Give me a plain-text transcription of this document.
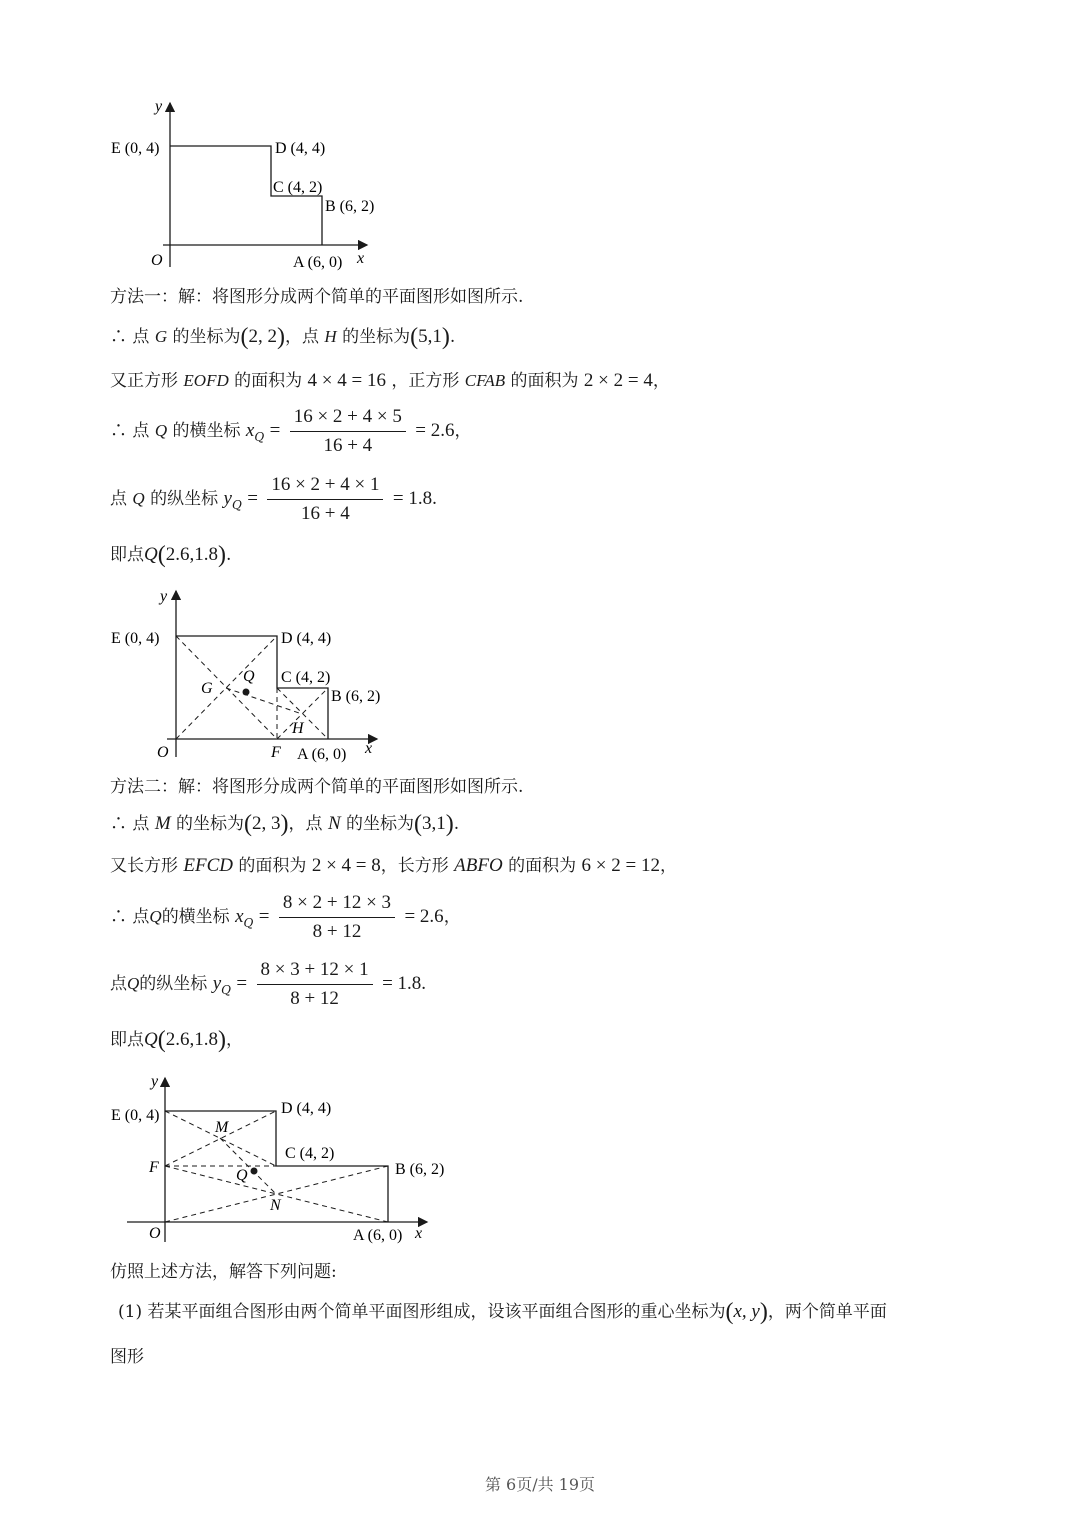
y
x
O
E (0, 4)	D (4, 4)
C (4, 2)
B (6, 2)
A (6, 0)
方法一：解：将图形分成两个简单的平面图形如图所示.
∴ 点 G 的坐标为(2, 2)，点 H 的坐标为(5,1).
又正方形 EOFD 的面积为 4 × 4 = 16 ，正方形 CFAB 的面积为 2 × 2 = 4，
∴ 点 Q 的横坐标 $x_Q = \frac{16 \times 2 + 4 \times 5}{16 + 4} = 2.6$，
点 Q 的纵坐标 $y_Q = \frac{16 \times 2 + 4 \times 1}{16 + 4} = 1.8$.
即点Q(2.6,1.8).
y
x
O
E (0, 4)	D (4, 4)
C (4, 2)
B (6, 2)
A (6, 0)
F
G
Q
H
方法二：解：将图形分成两个简单的平面图形如图所示.
∴ 点 M 的坐标为(2, 3)，点 N 的坐标为(3,1).
又长方形 EFCD 的面积为 2 × 4 = 8，长方形 ABFO 的面积为 6 × 2 = 12，
∴ 点Q的横坐标 $x_Q = \frac{8 \times 2 + 12 \times 3}{8 + 12} = 2.6$，
点Q的纵坐标 $y_Q = \frac{8 \times 3 + 12 \times 1}{8 + 12} = 1.8$.
即点Q(2.6,1.8)，
y
x
O
E (0, 4)	D (4, 4)
C (4, 2)
B (6, 2)
A (6, 0)
F
M
Q
N
仿照上述方法，解答下列问题:
(1) 若某平面组合图形由两个简单平面图形组成，设该平面组合图形的重心坐标为(x, y)，两个简单平面
图形
第 6页/共 19页
